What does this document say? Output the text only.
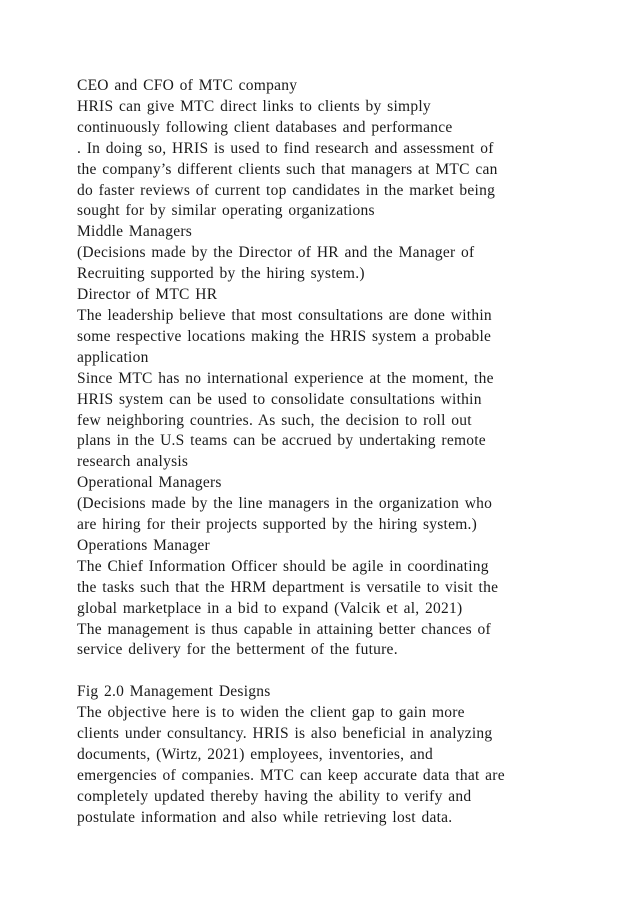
CEO and CFO of MTC company
HRIS can give MTC direct links to clients by simply
continuously following client databases and performance
. In doing so, HRIS is used to find research and assessment of
the company’s different clients such that managers at MTC can
do faster reviews of current top candidates in the market being
sought for by similar operating organizations
Middle Managers
(Decisions made by the Director of HR and the Manager of
Recruiting supported by the hiring system.)
Director of MTC HR
The leadership believe that most consultations are done within
some respective locations making the HRIS system a probable
application
Since MTC has no international experience at the moment, the
HRIS system can be used to consolidate consultations within
few neighboring countries. As such, the decision to roll out
plans in the U.S teams can be accrued by undertaking remote
research analysis
Operational Managers
(Decisions made by the line managers in the organization who
are hiring for their projects supported by the hiring system.)
Operations Manager
The Chief Information Officer should be agile in coordinating
the tasks such that the HRM department is versatile to visit the
global marketplace in a bid to expand (Valcik et al, 2021)
The management is thus capable in attaining better chances of
service delivery for the betterment of the future.
Fig 2.0 Management Designs
The objective here is to widen the client gap to gain more
clients under consultancy. HRIS is also beneficial in analyzing
documents, (Wirtz, 2021) employees, inventories, and
emergencies of companies. MTC can keep accurate data that are
completely updated thereby having the ability to verify and
postulate information and also while retrieving lost data.
